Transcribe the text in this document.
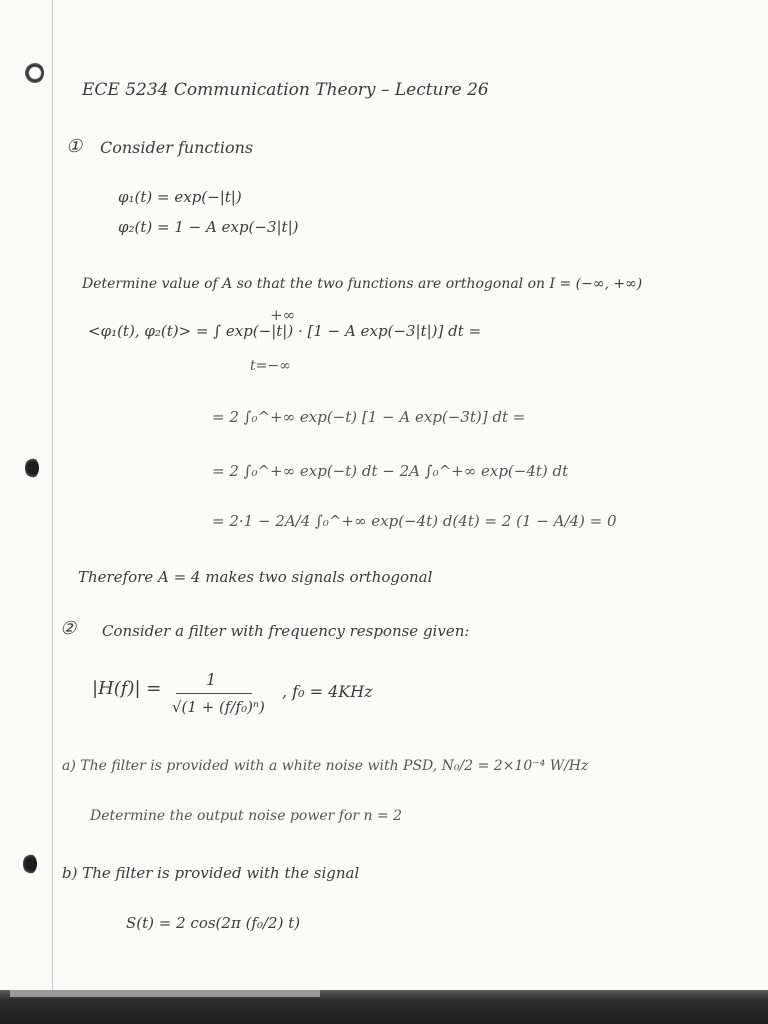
ECE 5234 Communication Theory – Lecture 26
① Consider functions
φ₁(t) = exp(−|t|)
φ₂(t) = 1 − A exp(−3|t|)
Determine value of A so that the two functions are orthogonal on I = (−∞, +∞)
+∞
<φ₁(t), φ₂(t)> = ∫ exp(−|t|) · [1 − A exp(−3|t|)] dt =
t=−∞
= 2 ∫₀^+∞ exp(−t) [1 − A exp(−3t)] dt =
= 2 ∫₀^+∞ exp(−t) dt − 2A ∫₀^+∞ exp(−4t) dt
= 2·1 − 2A/4 ∫₀^+∞ exp(−4t) d(4t) = 2 (1 − A/4) = 0
Therefore A = 4 makes two signals orthogonal
② Consider a filter with frequency response given:
|H(f)| =	1
√(1 + (f/f₀)ⁿ)
, f₀ = 4KHz
a) The filter is provided with a white noise with PSD, N₀/2 = 2×10⁻⁴ W/Hz
Determine the output noise power for n = 2
b) The filter is provided with the signal
S(t) = 2 cos(2π (f₀/2) t)
